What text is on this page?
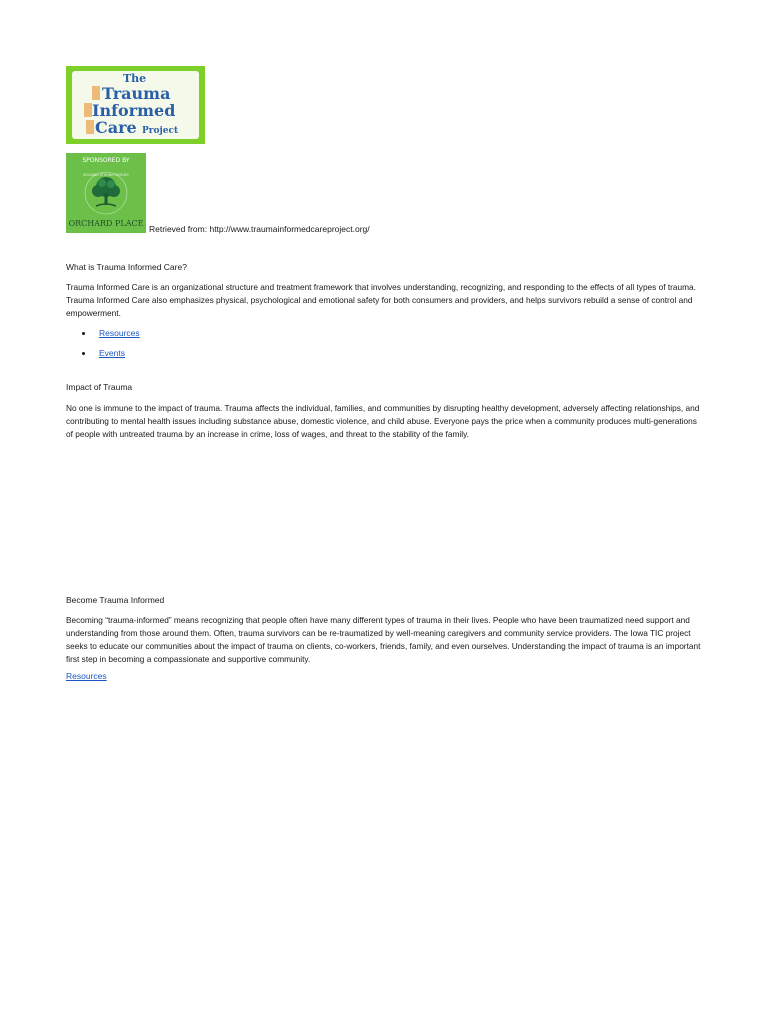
The
Trauma
Informed
Care Project
SPONSORED BY
BUILDING STRONG FAMILIES
ORCHARD PLACE
Retrieved from: http://www.traumainformedcareproject.org/
What is Trauma Informed Care?

Trauma Informed Care is an organizational structure and treatment framework that involves understanding, recognizing, and responding to the effects of all types of trauma. Trauma Informed Care also emphasizes physical, psychological and emotional safety for both consumers and providers, and helps survivors rebuild a sense of control and empowerment.

Resources
Events
Impact of Trauma

No one is immune to the impact of trauma. Trauma affects the individual, families, and communities by disrupting healthy development, adversely affecting relationships, and contributing to mental health issues including substance abuse, domestic violence, and child abuse. Everyone pays the price when a community produces multi-generations of people with untreated trauma by an increase in crime, loss of wages, and threat to the stability of the family.

Become Trauma Informed

Becoming “trauma-informed” means recognizing that people often have many different types of trauma in their lives. People who have been traumatized need support and understanding from those around them. Often, trauma survivors can be re-traumatized by well-meaning caregivers and community service providers. The Iowa TIC project seeks to educate our communities about the impact of trauma on clients, co-workers, friends, family, and even ourselves. Understanding the impact of trauma is an important first step in becoming a compassionate and supportive community.

Resources
